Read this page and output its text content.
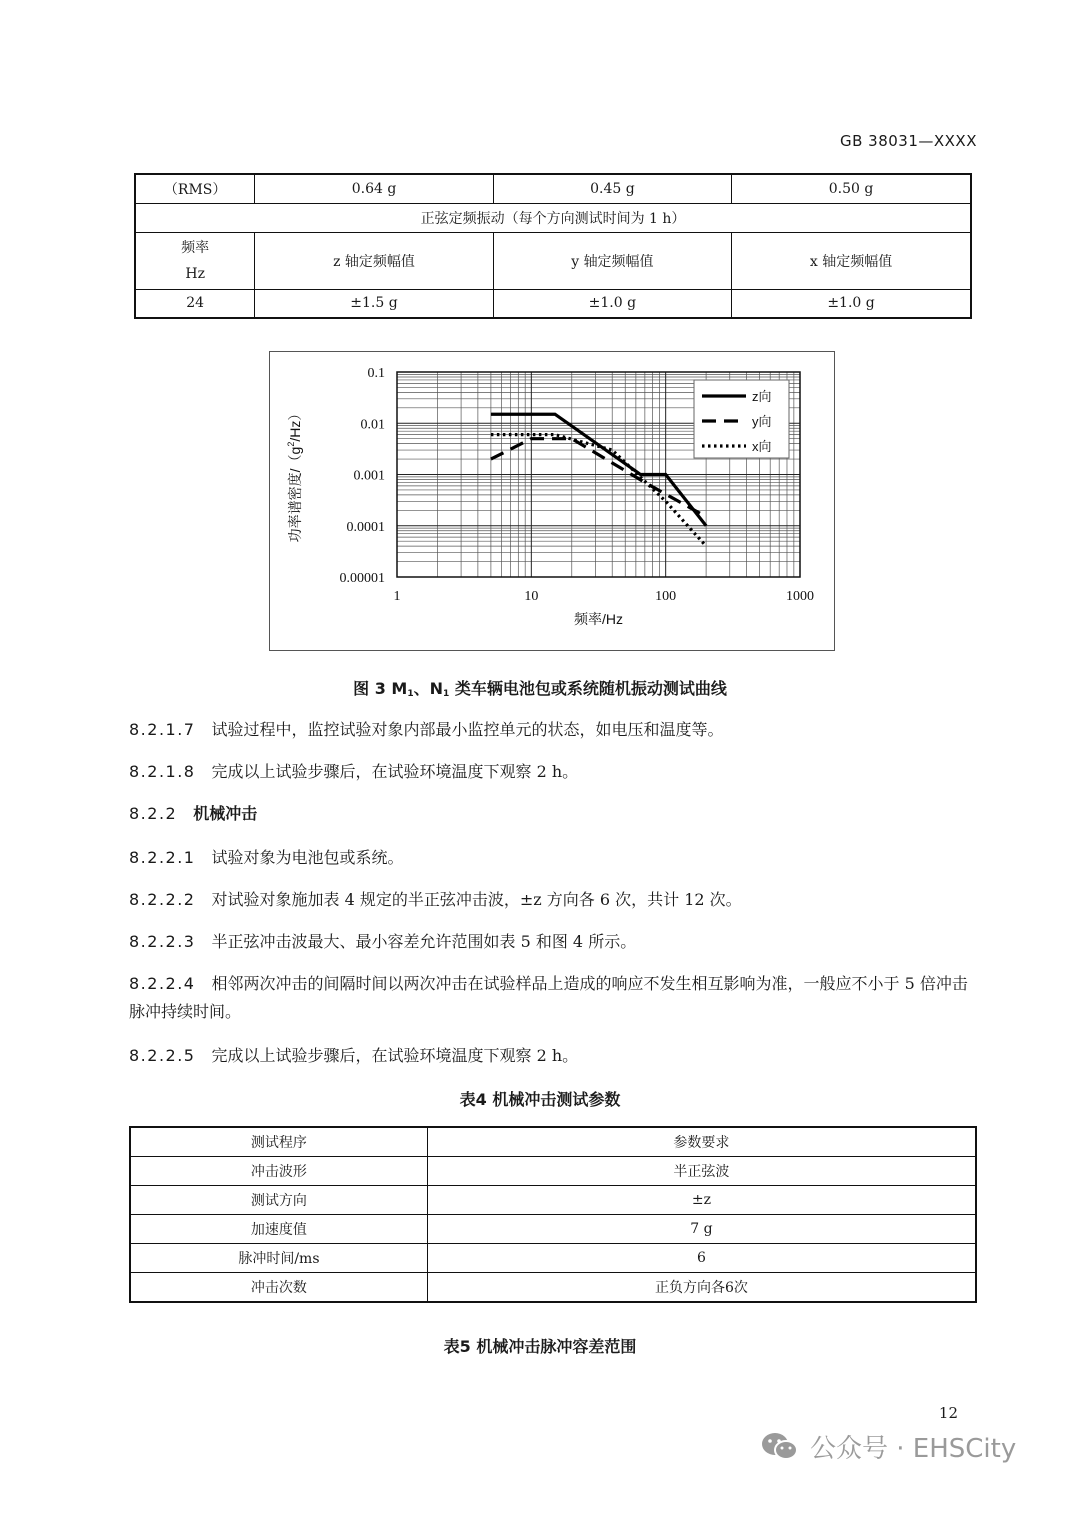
GB 38031—XXXX
（RMS）	0.64 g	0.45 g	0.50 g
正弦定频振动（每个方向测试时间为 1 h）			

频率
Hz	z 轴定频幅值	y 轴定频幅值	x 轴定频幅值
24	±1.5 g	±1.0 g	±1.0 g
0.1
0.01
0.001
0.0001
0.00001
1	10	100	1000
z向
y向
x向
频率/Hz
功率谱密度$/(g^2/Hz)$
图 3 $M_1$、$N_1$ 类车辆电池包或系统随机振动测试曲线
8.2.1.7 试验过程中，监控试验对象内部最小监控单元的状态，如电压和温度等。
8.2.1.8 完成以上试验步骤后，在试验环境温度下观察 2 h。
8.2.2 机械冲击
8.2.2.1 试验对象为电池包或系统。
8.2.2.2 对试验对象施加表 4 规定的半正弦冲击波，±z 方向各 6 次，共计 12 次。
8.2.2.3 半正弦冲击波最大、最小容差允许范围如表 5 和图 4 所示。
8.2.2.4 相邻两次冲击的间隔时间以两次冲击在试验样品上造成的响应不发生相互影响为准，一般应不小于 5 倍冲击脉冲持续时间。
8.2.2.5 完成以上试验步骤后，在试验环境温度下观察 2 h。
表4 机械冲击测试参数
测试程序	参数要求
冲击波形	半正弦波
测试方向	±z
加速度值	7 g
脉冲时间/ms	6
冲击次数	正负方向各6次
表5 机械冲击脉冲容差范围
12
公众号 · EHSCity
